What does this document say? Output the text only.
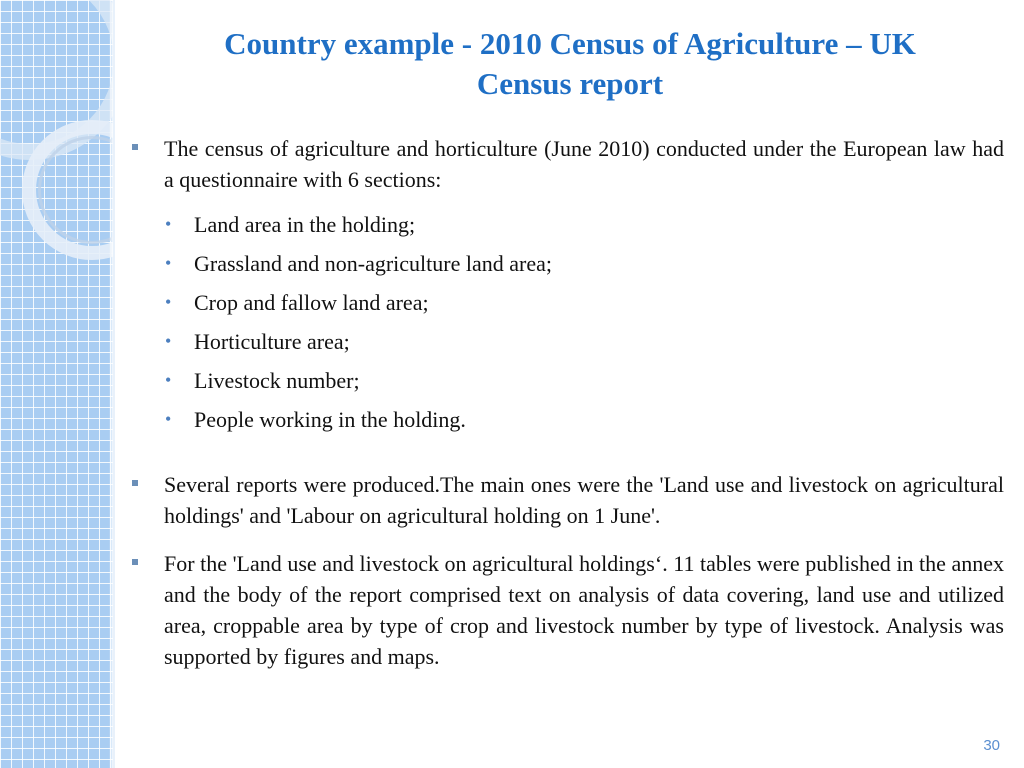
Country example - 2010 Census of Agriculture – UK
Census report
The census of agriculture and horticulture (June 2010) conducted under the European law had a questionnaire with 6 sections:
• Land area in the holding;
• Grassland and non-agriculture land area;
• Crop and fallow land area;
• Horticulture area;
• Livestock number;
• People working in the holding.
Several reports were produced.The main ones were the 'Land use and livestock on agricultural holdings' and 'Labour on agricultural holding on 1 June'.
For the 'Land use and livestock on agricultural holdings‘. 11 tables were published in the annex and the body of the report comprised text on analysis of data covering, land use and utilized area, croppable area by type of crop and livestock number by type of livestock. Analysis was supported by figures and maps.
30
